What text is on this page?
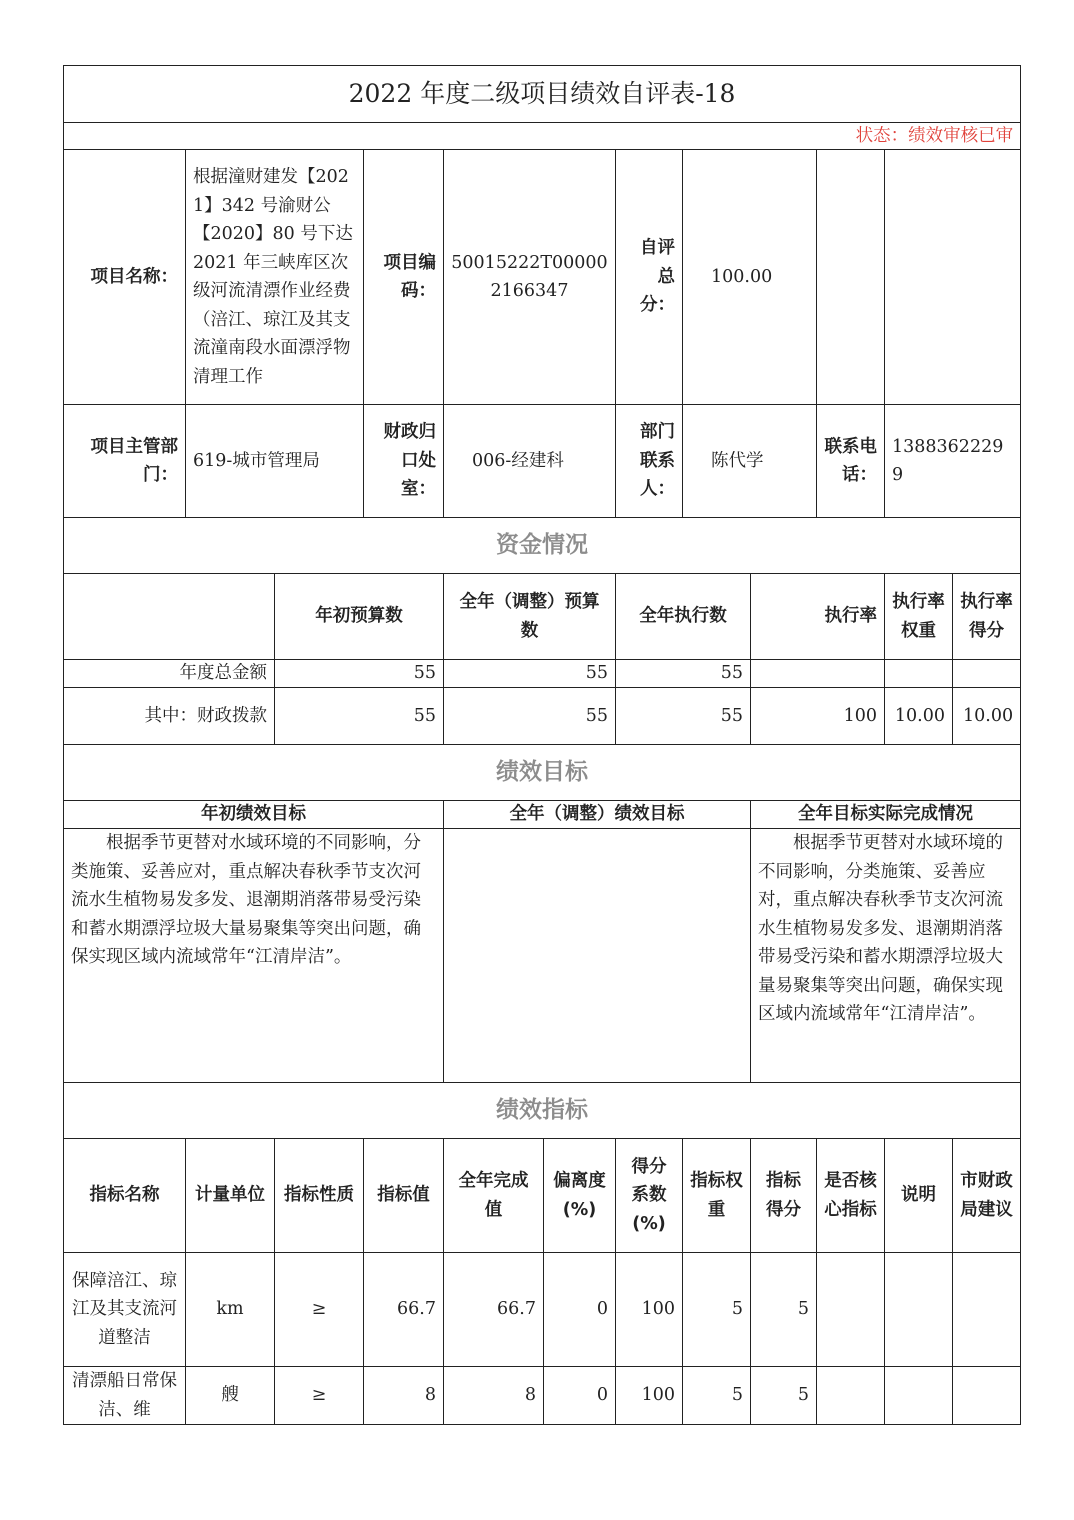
2022 年度二级项目绩效自评表-18											
状态：绩效审核已审											
项目名称：	根据潼财建发【2021】342 号渝财公【2020】80 号下达 2021 年三峡库区次级河流清漂作业经费（涪江、琼江及其支流潼南段水面漂浮物清理工作		项目编码：	50015222T000002166347		自评总分：	100.00				
项目主管部门：	619-城市管理局		财政归口处室：	006-经建科		部门联系人：	陈代学		联系电话：	13883622299	
资金情况											
		年初预算数		全年（调整）预算数		全年执行数		执行率		执行率权重	执行率得分
年度总金额		55		55		55					
其中：财政拨款		55		55		55		100		10.00	10.00
绩效目标											
年初绩效目标				全年（调整）绩效目标				全年目标实际完成情况			
根据季节更替对水域环境的不同影响，分类施策、妥善应对，重点解决春秋季节支次河流水生植物易发多发、退潮期消落带易受污染和蓄水期漂浮垃圾大量易聚集等突出问题，确保实现区域内流域常年“江清岸洁”。								根据季节更替对水域环境的不同影响，分类施策、妥善应对，重点解决春秋季节支次河流水生植物易发多发、退潮期消落带易受污染和蓄水期漂浮垃圾大量易聚集等突出问题，确保实现区域内流域常年“江清岸洁”。			
绩效指标											
指标名称	计量单位	指标性质	指标值	全年完成值	偏离度(%)	得分系数(%)	指标权重	指标得分	是否核心指标	说明	市财政局建议
保障涪江、琼江及其支流河道整洁	km	≥	66.7	66.7	0	100	5	5			
清漂船日常保洁、维	艘	≥	8	8	0	100	5	5			
